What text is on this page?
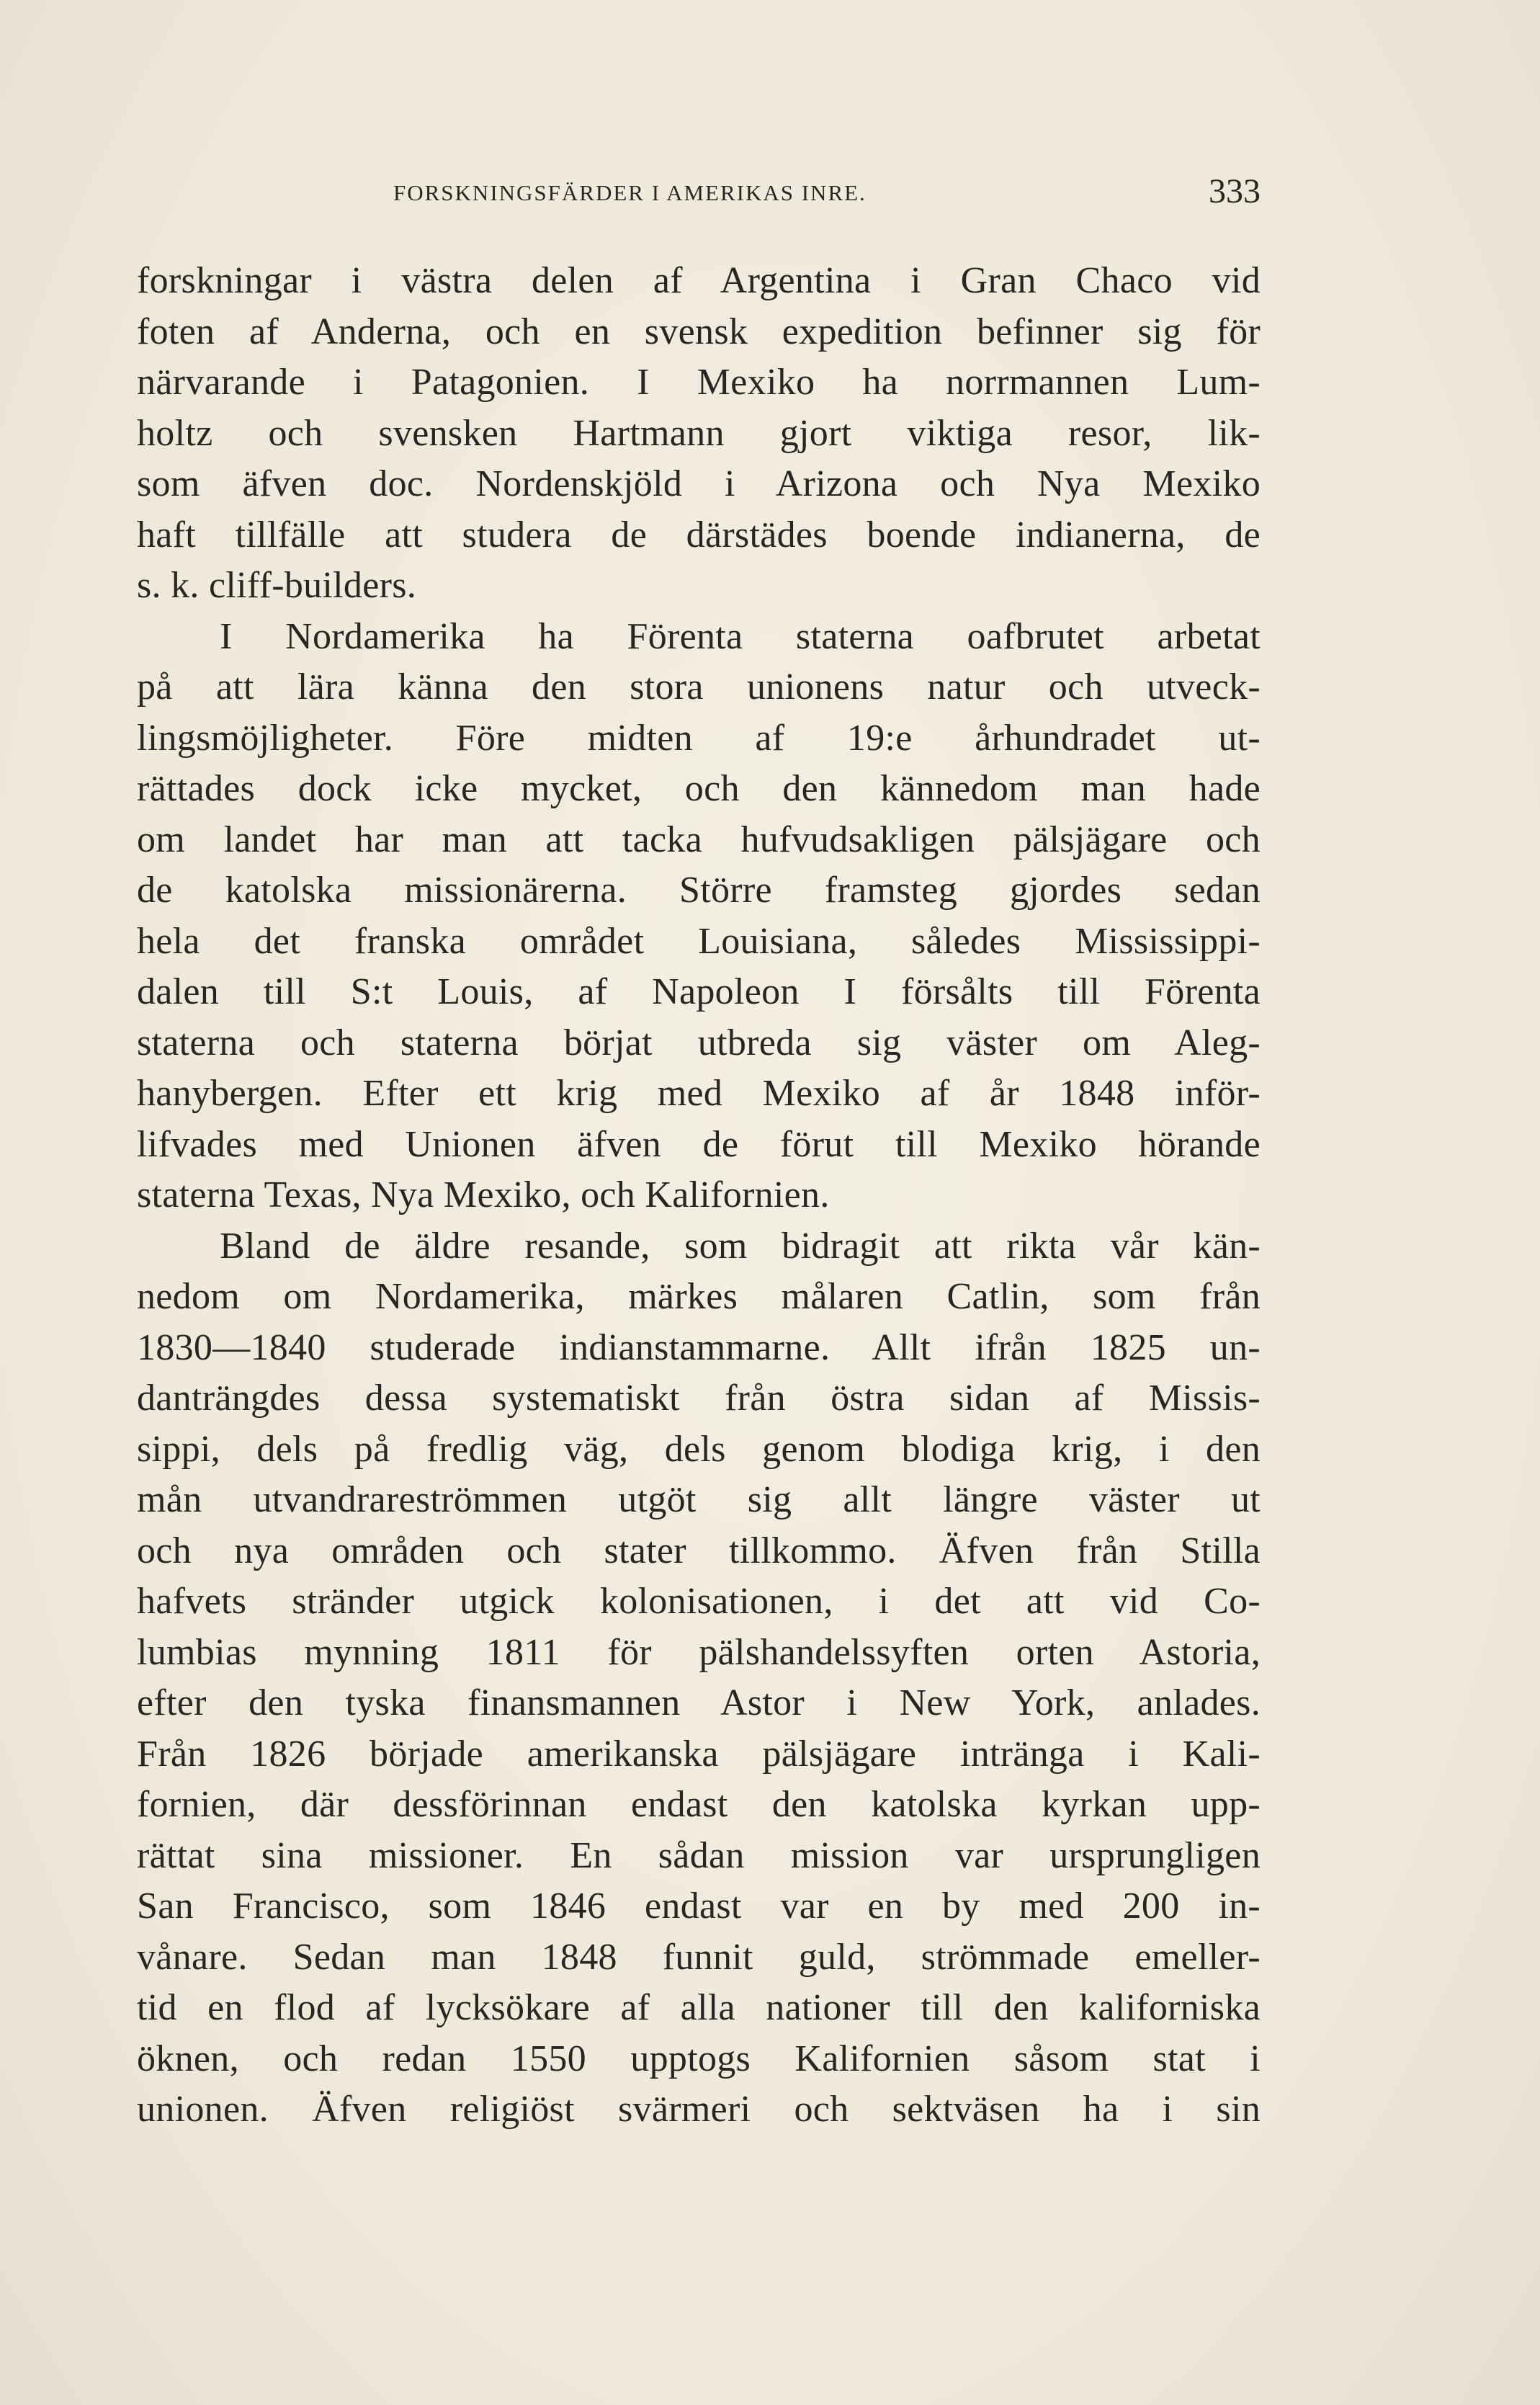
FORSKNINGSFÄRDER I AMERIKAS INRE.	333
forskningar i västra delen af Argentina i Gran Chaco vid
foten af Anderna, och en svensk expedition befinner sig för
närvarande i Patagonien. I Mexiko ha norrmannen Lum-
holtz och svensken Hartmann gjort viktiga resor, lik-
som äfven doc. Nordenskjöld i Arizona och Nya Mexiko
haft tillfälle att studera de därstädes boende indianerna, de
s. k. cliff-builders.
I Nordamerika ha Förenta staterna oafbrutet arbetat
på att lära känna den stora unionens natur och utveck-
lingsmöjligheter. Före midten af 19:e århundradet ut-
rättades dock icke mycket, och den kännedom man hade
om landet har man att tacka hufvudsakligen pälsjägare och
de katolska missionärerna. Större framsteg gjordes sedan
hela det franska området Louisiana, således Mississippi-
dalen till S:t Louis, af Napoleon I försålts till Förenta
staterna och staterna börjat utbreda sig väster om Aleg-
hanybergen. Efter ett krig med Mexiko af år 1848 inför-
lifvades med Unionen äfven de förut till Mexiko hörande
staterna Texas, Nya Mexiko, och Kalifornien.
Bland de äldre resande, som bidragit att rikta vår kän-
nedom om Nordamerika, märkes målaren Catlin, som från
1830—1840 studerade indianstammarne. Allt ifrån 1825 un-
danträngdes dessa systematiskt från östra sidan af Missis-
sippi, dels på fredlig väg, dels genom blodiga krig, i den
mån utvandrareströmmen utgöt sig allt längre väster ut
och nya områden och stater tillkommo. Äfven från Stilla
hafvets stränder utgick kolonisationen, i det att vid Co-
lumbias mynning 1811 för pälshandelssyften orten Astoria,
efter den tyska finansmannen Astor i New York, anlades.
Från 1826 började amerikanska pälsjägare inträngа i Kali-
fornien, där dessförinnan endast den katolska kyrkan upp-
rättat sina missioner. En sådan mission var ursprungligen
San Francisco, som 1846 endast var en by med 200 in-
vånare. Sedan man 1848 funnit guld, strömmade emeller-
tid en flod af lycksökare af alla nationer till den kaliforniska
öknen, och redan 1550 upptogs Kalifornien såsom stat i
unionen. Äfven religiöst svärmeri och sektväsen ha i sin
